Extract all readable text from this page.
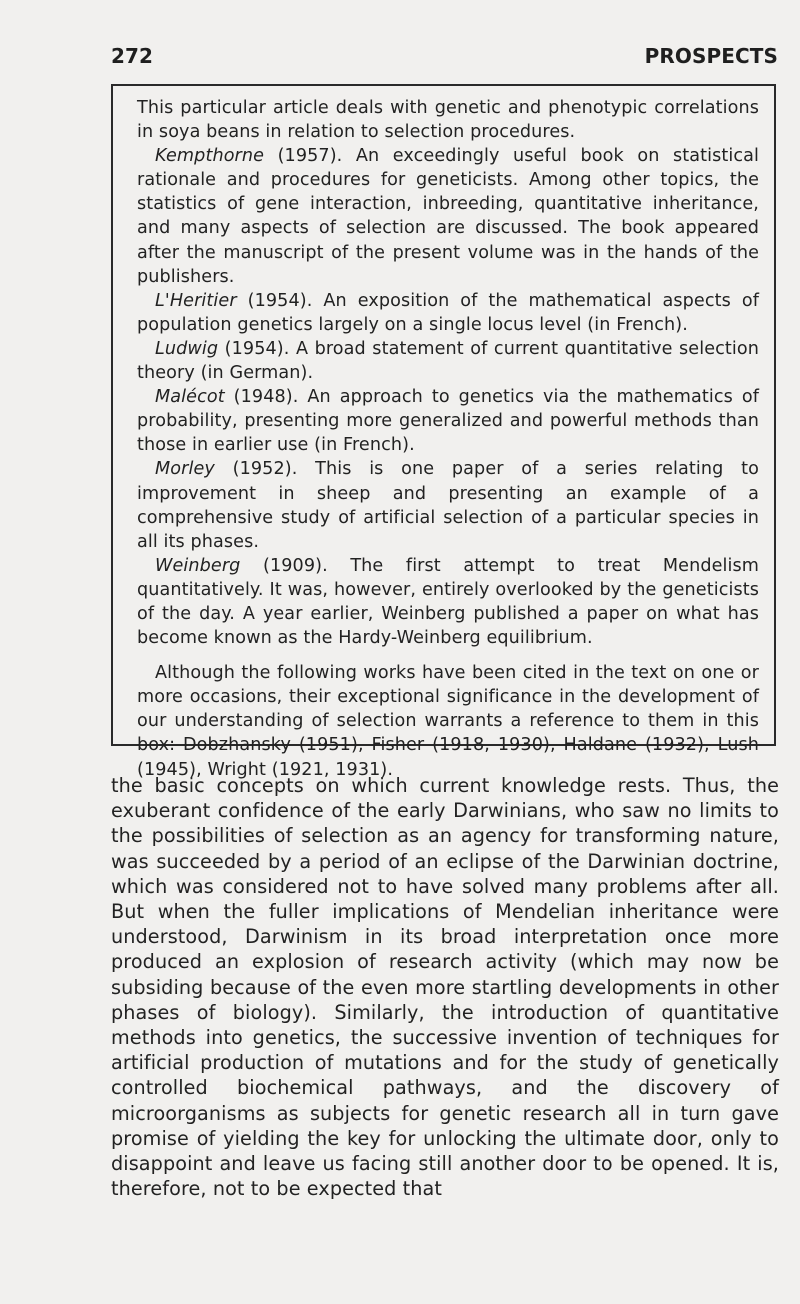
272	PROSPECTS

This particular article deals with genetic and phenotypic correlations in soya beans in relation to selection procedures.

Kempthorne (1957). An exceedingly useful book on statistical rationale and procedures for geneticists. Among other topics, the statistics of gene interaction, inbreeding, quantitative inheritance, and many aspects of selection are discussed. The book appeared after the manuscript of the present volume was in the hands of the publishers.

L'Heritier (1954). An exposition of the mathematical aspects of population genetics largely on a single locus level (in French).

Ludwig (1954). A broad statement of current quantitative selection theory (in German).

Malécot (1948). An approach to genetics via the mathematics of probability, presenting more generalized and powerful methods than those in earlier use (in French).

Morley (1952). This is one paper of a series relating to improvement in sheep and presenting an example of a comprehensive study of artificial selection of a particular species in all its phases.

Weinberg (1909). The first attempt to treat Mendelism quantitatively. It was, however, entirely overlooked by the geneticists of the day. A year earlier, Weinberg published a paper on what has become known as the Hardy-Weinberg equilibrium.

Although the following works have been cited in the text on one or more occasions, their exceptional significance in the development of our understanding of selection warrants a reference to them in this box: Dobzhansky (1951), Fisher (1918, 1930), Haldane (1932), Lush (1945), Wright (1921, 1931).

the basic concepts on which current knowledge rests. Thus, the exuberant confidence of the early Darwinians, who saw no limits to the possibilities of selection as an agency for transforming nature, was succeeded by a period of an eclipse of the Darwinian doctrine, which was considered not to have solved many problems after all. But when the fuller implications of Mendelian inheritance were understood, Darwinism in its broad interpretation once more produced an explosion of research activity (which may now be subsiding because of the even more startling developments in other phases of biology). Similarly, the introduction of quantitative methods into genetics, the successive invention of techniques for artificial production of mutations and for the study of genetically controlled biochemical pathways, and the discovery of microorganisms as subjects for genetic research all in turn gave promise of yielding the key for unlocking the ultimate door, only to disappoint and leave us facing still another door to be opened. It is, therefore, not to be expected that
